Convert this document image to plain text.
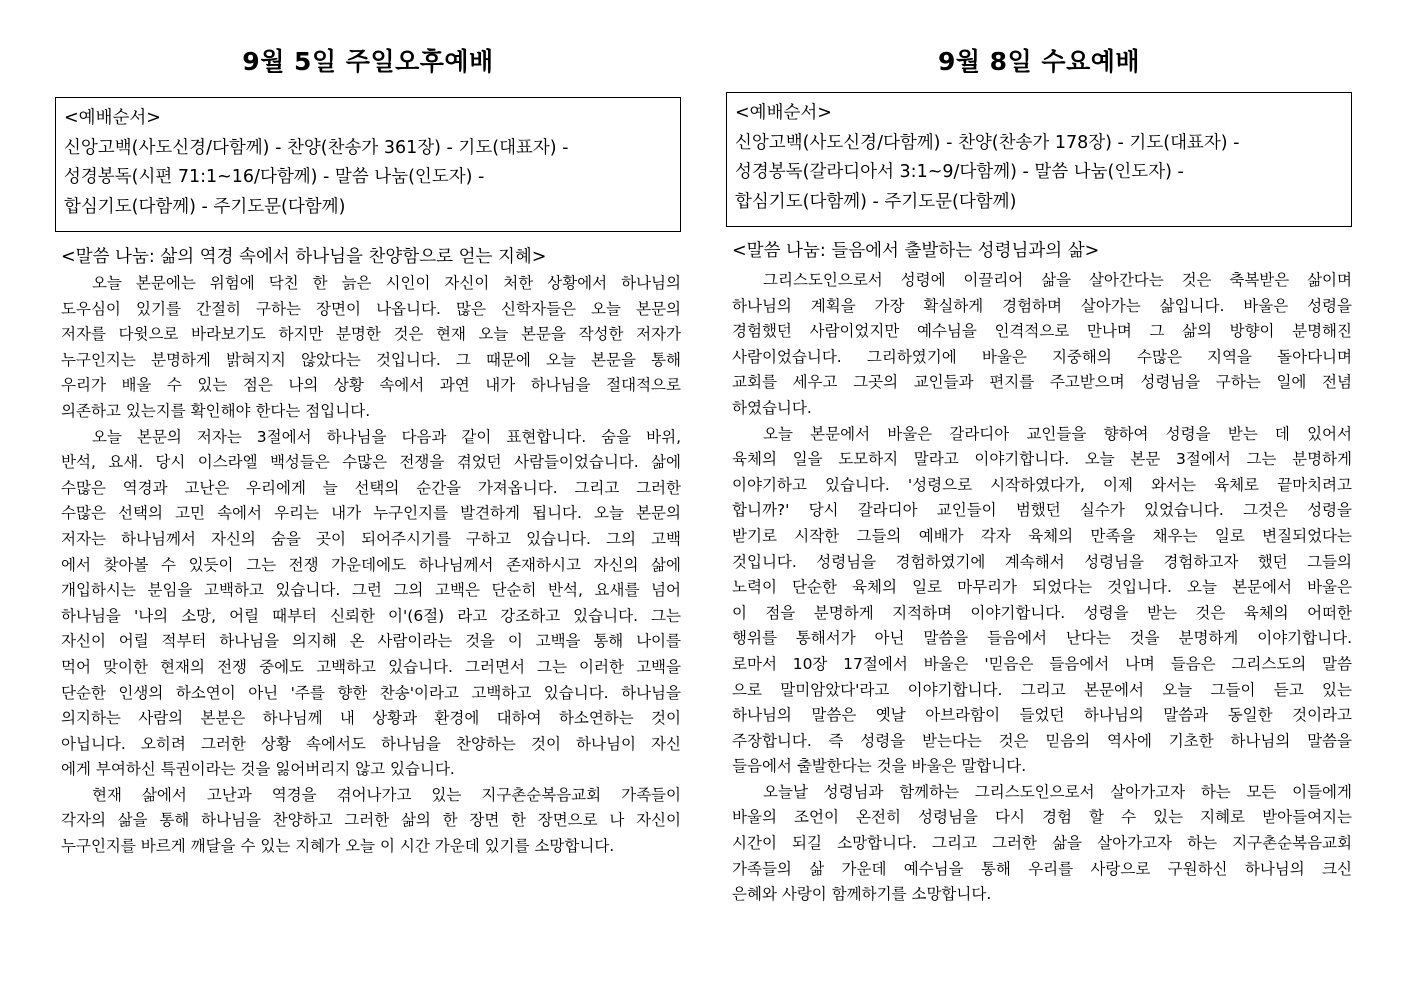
9월 5일 주일오후예배
<예배순서>
신앙고백(사도신경/다함께) - 찬양(찬송가 361장) - 기도(대표자) -
성경봉독(시편 71:1~16/다함께) - 말씀 나눔(인도자) -
합심기도(다함께) - 주기도문(다함께)
<말씀 나눔: 삶의 역경 속에서 하나님을 찬양함으로 얻는 지혜>
오늘 본문에는 위험에 닥친 한 늙은 시인이 자신이 처한 상황에서 하나님의
도우심이 있기를 간절히 구하는 장면이 나옵니다. 많은 신학자들은 오늘 본문의
저자를 다윗으로 바라보기도 하지만 분명한 것은 현재 오늘 본문을 작성한 저자가
누구인지는 분명하게 밝혀지지 않았다는 것입니다. 그 때문에 오늘 본문을 통해
우리가 배울 수 있는 점은 나의 상황 속에서 과연 내가 하나님을 절대적으로
의존하고 있는지를 확인해야 한다는 점입니다.
오늘 본문의 저자는 3절에서 하나님을 다음과 같이 표현합니다. 숨을 바위,
반석, 요새. 당시 이스라엘 백성들은 수많은 전쟁을 겪었던 사람들이었습니다. 삶에
수많은 역경과 고난은 우리에게 늘 선택의 순간을 가져옵니다. 그리고 그러한
수많은 선택의 고민 속에서 우리는 내가 누구인지를 발견하게 됩니다. 오늘 본문의
저자는 하나님께서 자신의 숨을 곳이 되어주시기를 구하고 있습니다. 그의 고백
에서 찾아볼 수 있듯이 그는 전쟁 가운데에도 하나님께서 존재하시고 자신의 삶에
개입하시는 분임을 고백하고 있습니다. 그런 그의 고백은 단순히 반석, 요새를 넘어
하나님을 '나의 소망, 어릴 때부터 신뢰한 이'(6절) 라고 강조하고 있습니다. 그는
자신이 어릴 적부터 하나님을 의지해 온 사람이라는 것을 이 고백을 통해 나이를
먹어 맞이한 현재의 전쟁 중에도 고백하고 있습니다. 그러면서 그는 이러한 고백을
단순한 인생의 하소연이 아닌 '주를 향한 찬송'이라고 고백하고 있습니다. 하나님을
의지하는 사람의 본분은 하나님께 내 상황과 환경에 대하여 하소연하는 것이
아닙니다. 오히려 그러한 상황 속에서도 하나님을 찬양하는 것이 하나님이 자신
에게 부여하신 특권이라는 것을 잃어버리지 않고 있습니다.
현재 삶에서 고난과 역경을 겪어나가고 있는 지구촌순복음교회 가족들이
각자의 삶을 통해 하나님을 찬양하고 그러한 삶의 한 장면 한 장면으로 나 자신이
누구인지를 바르게 깨달을 수 있는 지혜가 오늘 이 시간 가운데 있기를 소망합니다.
9월 8일 수요예배
<예배순서>
신앙고백(사도신경/다함께) - 찬양(찬송가 178장) - 기도(대표자) -
성경봉독(갈라디아서 3:1~9/다함께) - 말씀 나눔(인도자) -
합심기도(다함께) - 주기도문(다함께)
<말씀 나눔: 들음에서 출발하는 성령님과의 삶>
그리스도인으로서 성령에 이끌리어 삶을 살아간다는 것은 축복받은 삶이며
하나님의 계획을 가장 확실하게 경험하며 살아가는 삶입니다. 바울은 성령을
경험했던 사람이었지만 예수님을 인격적으로 만나며 그 삶의 방향이 분명해진
사람이었습니다. 그리하였기에 바울은 지중해의 수많은 지역을 돌아다니며
교회를 세우고 그곳의 교인들과 편지를 주고받으며 성령님을 구하는 일에 전념
하였습니다.
오늘 본문에서 바울은 갈라디아 교인들을 향하여 성령을 받는 데 있어서
육체의 일을 도모하지 말라고 이야기합니다. 오늘 본문 3절에서 그는 분명하게
이야기하고 있습니다. '성령으로 시작하였다가, 이제 와서는 육체로 끝마치려고
합니까?' 당시 갈라디아 교인들이 범했던 실수가 있었습니다. 그것은 성령을
받기로 시작한 그들의 예배가 각자 육체의 만족을 채우는 일로 변질되었다는
것입니다. 성령님을 경험하였기에 계속해서 성령님을 경험하고자 했던 그들의
노력이 단순한 육체의 일로 마무리가 되었다는 것입니다. 오늘 본문에서 바울은
이 점을 분명하게 지적하며 이야기합니다. 성령을 받는 것은 육체의 어떠한
행위를 통해서가 아닌 말씀을 들음에서 난다는 것을 분명하게 이야기합니다.
로마서 10장 17절에서 바울은 '믿음은 들음에서 나며 들음은 그리스도의 말씀
으로 말미암았다'라고 이야기합니다. 그리고 본문에서 오늘 그들이 듣고 있는
하나님의 말씀은 옛날 아브라함이 들었던 하나님의 말씀과 동일한 것이라고
주장합니다. 즉 성령을 받는다는 것은 믿음의 역사에 기초한 하나님의 말씀을
들음에서 출발한다는 것을 바울은 말합니다.
오늘날 성령님과 함께하는 그리스도인으로서 살아가고자 하는 모든 이들에게
바울의 조언이 온전히 성령님을 다시 경험 할 수 있는 지혜로 받아들여지는
시간이 되길 소망합니다. 그리고 그러한 삶을 살아가고자 하는 지구촌순복음교회
가족들의 삶 가운데 예수님을 통해 우리를 사랑으로 구원하신 하나님의 크신
은혜와 사랑이 함께하기를 소망합니다.
